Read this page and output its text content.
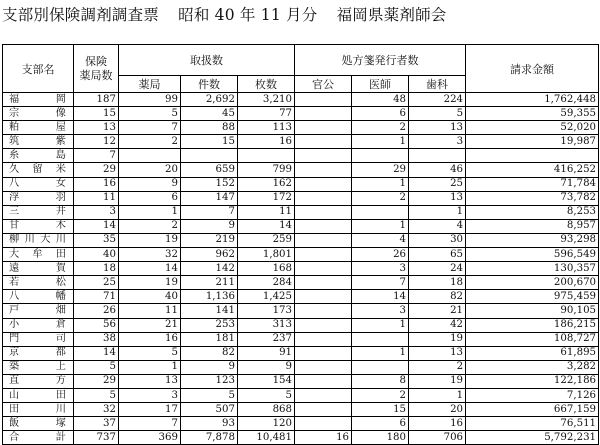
支部別保険調剤調査票 昭和 40 年 11 月分 福岡県薬剤師会
支部名	保険
薬局数	取扱数			処方箋発行者数			請求金額
		薬局	件数	枚数	官公	医師	歯科	
福　　岡	187	99	2,692	3,210		48	224	1,762,448
宗　　像	15	5	45	77		6	5	59,355
粕　　屋	13	7	88	113		2	13	52,020
筑　　紫	12	2	15	16		1	3	19,987
糸　　島	7							
久 留 米	29	20	659	799		29	46	416,252
八　　女	16	9	152	162		1	25	71,784
浮　　羽	11	6	147	172		2	13	73,782
三　　井	3	1	7	11			1	8,253
甘　　木	14	2	9	14		1	4	8,957
柳川大川	35	19	219	259		4	30	93,298
大 牟 田	40	32	962	1,801		26	65	596,549
遠　　賀	18	14	142	168		3	24	130,357
若　　松	25	19	211	284		7	18	200,670
八　　幡	71	40	1,136	1,425		14	82	975,459
戸　　畑	26	11	141	173		3	21	90,105
小　　倉	56	21	253	313		1	42	186,215
門　　司	38	16	181	237			19	108,727
京　　都	14	5	82	91		1	13	61,895
築　　上	5	1	9	9			2	3,282
直　　方	29	13	123	154		8	19	122,186
山　　田	5	3	5	5		2	1	7,126
田　　川	32	17	507	868		15	20	667,159
飯　　塚	37	7	93	120		6	16	76,511
合　　計	737	369	7,878	10,481	16	180	706	5,792,231
